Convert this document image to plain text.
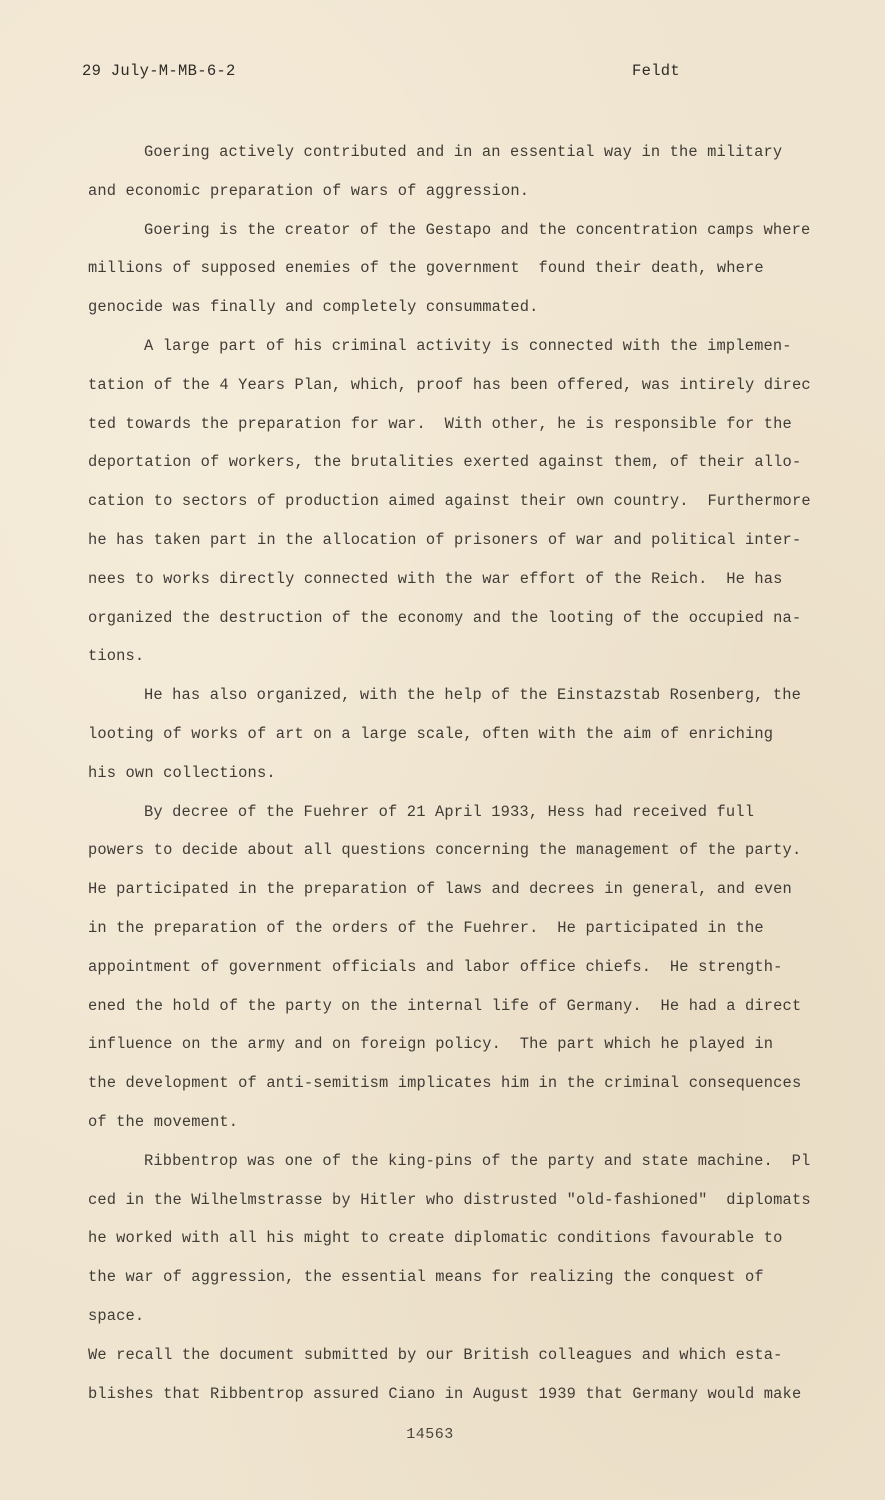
29 July-M-MB-6-2	Feldt
Goering actively contributed and in an essential way in the military
and economic preparation of wars of aggression.
Goering is the creator of the Gestapo and the concentration camps where
millions of supposed enemies of the government  found their death, where
genocide was finally and completely consummated.
A large part of his criminal activity is connected with the implemen-
tation of the 4 Years Plan, which, proof has been offered, was intirely direc
ted towards the preparation for war.  With other, he is responsible for the
deportation of workers, the brutalities exerted against them, of their allo-
cation to sectors of production aimed against their own country.  Furthermore
he has taken part in the allocation of prisoners of war and political inter-
nees to works directly connected with the war effort of the Reich.  He has
organized the destruction of the economy and the looting of the occupied na-
tions.
He has also organized, with the help of the Einstazstab Rosenberg, the
looting of works of art on a large scale, often with the aim of enriching
his own collections.
By decree of the Fuehrer of 21 April 1933, Hess had received full
powers to decide about all questions concerning the management of the party.
He participated in the preparation of laws and decrees in general, and even
in the preparation of the orders of the Fuehrer.  He participated in the
appointment of government officials and labor office chiefs.  He strength-
ened the hold of the party on the internal life of Germany.  He had a direct
influence on the army and on foreign policy.  The part which he played in
the development of anti-semitism implicates him in the criminal consequences
of the movement.
Ribbentrop was one of the king-pins of the party and state machine.  Pl
ced in the Wilhelmstrasse by Hitler who distrusted "old-fashioned"  diplomats
he worked with all his might to create diplomatic conditions favourable to
the war of aggression, the essential means for realizing the conquest of
space.
We recall the document submitted by our British colleagues and which esta-
blishes that Ribbentrop assured Ciano in August 1939 that Germany would make
14563
